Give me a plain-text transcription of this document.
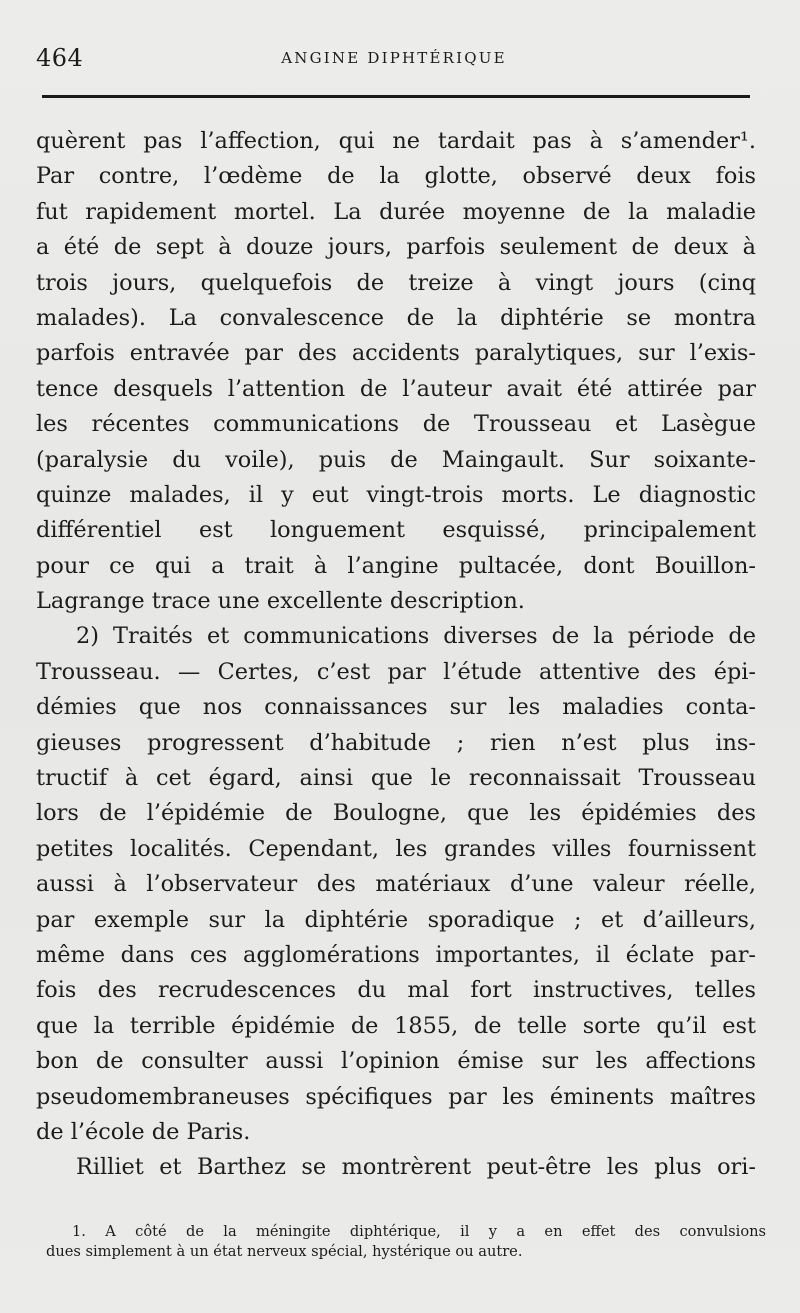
464	ANGINE DIPHTÉRIQUE
quèrent pas l’affection, qui ne tardait pas à s’amender¹.
Par contre, l’œdème de la glotte, observé deux fois
fut rapidement mortel. La durée moyenne de la maladie
a été de sept à douze jours, parfois seulement de deux à
trois jours, quelquefois de treize à vingt jours (cinq
malades). La convalescence de la diphtérie se montra
parfois entravée par des accidents paralytiques, sur l’exis-
tence desquels l’attention de l’auteur avait été attirée par
les récentes communications de Trousseau et Lasègue
(paralysie du voile), puis de Maingault. Sur soixante-
quinze malades, il y eut vingt-trois morts. Le diagnostic
différentiel est longuement esquissé, principalement
pour ce qui a trait à l’angine pultacée, dont Bouillon-
Lagrange trace une excellente description.
2) Traités et communications diverses de la période de
Trousseau. — Certes, c’est par l’étude attentive des épi-
démies que nos connaissances sur les maladies conta-
gieuses progressent d’habitude ; rien n’est plus ins-
tructif à cet égard, ainsi que le reconnaissait Trousseau
lors de l’épidémie de Boulogne, que les épidémies des
petites localités. Cependant, les grandes villes fournissent
aussi à l’observateur des matériaux d’une valeur réelle,
par exemple sur la diphtérie sporadique ; et d’ailleurs,
même dans ces agglomérations importantes, il éclate par-
fois des recrudescences du mal fort instructives, telles
que la terrible épidémie de 1855, de telle sorte qu’il est
bon de consulter aussi l’opinion émise sur les affections
pseudomembraneuses spécifiques par les éminents maîtres
de l’école de Paris.
Rilliet et Barthez se montrèrent peut-être les plus ori-
1. A côté de la méningite diphtérique, il y a en effet des convulsions
dues simplement à un état nerveux spécial, hystérique ou autre.
